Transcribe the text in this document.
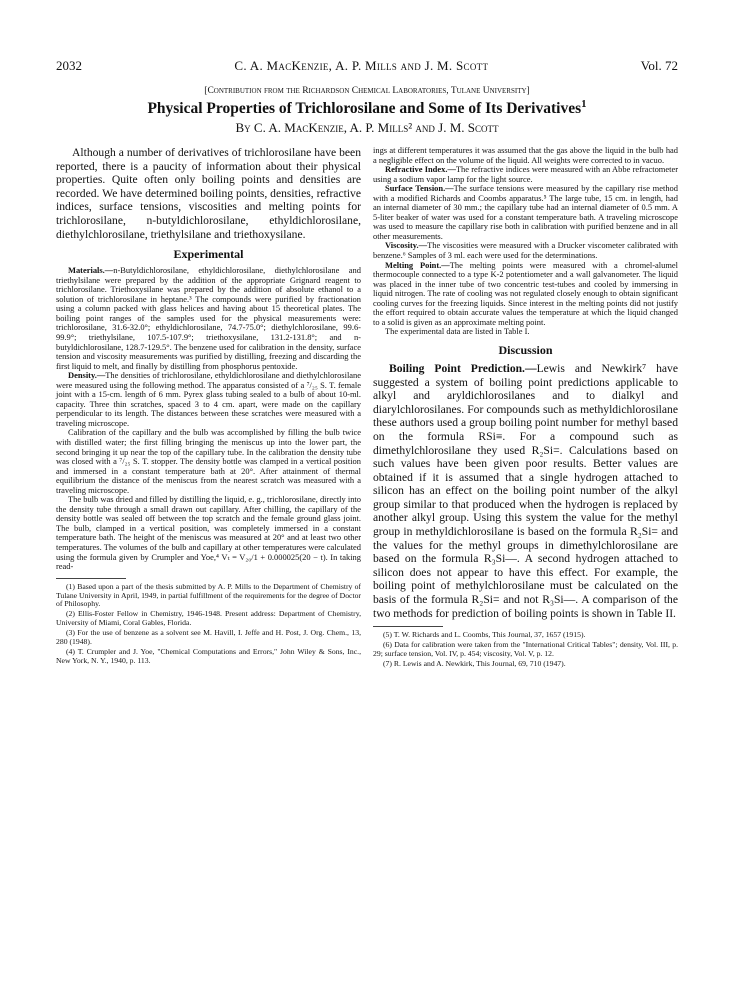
2032	C. A. MacKenzie, A. P. Mills and J. M. Scott	Vol. 72
[Contribution from the Richardson Chemical Laboratories, Tulane University]
Physical Properties of Trichlorosilane and Some of Its Derivatives$^1$
By C. A. MacKenzie, A. P. Mills² and J. M. Scott

Although a number of derivatives of trichlorosilane have been reported, there is a paucity of information about their physical properties. Quite often only boiling points and densities are recorded. We have determined boiling points, densities, refractive indices, surface tensions, viscosities and melting points for trichlorosilane, n-butyldichlorosilane, ethyldichlorosilane, diethylchlorosilane, triethylsilane and triethoxysilane.

Experimental

Materials.—n-Butyldichlorosilane, ethyldichlorosilane, diethylchlorosilane and triethylsilane were prepared by the addition of the appropriate Grignard reagent to trichlorosilane. Triethoxysilane was prepared by the addition of absolute ethanol to a solution of trichlorosilane in heptane.³ The compounds were purified by fractionation using a column packed with glass helices and having about 15 theoretical plates. The boiling point ranges of the samples used for the physical measurements were: trichlorosilane, 31.6-32.0°; ethyldichlorosilane, 74.7-75.0°; diethylchlorosilane, 99.6-99.9°; triethylsilane, 107.5-107.9°; triethoxysilane, 131.2-131.8°; and n-butyldichlorosilane, 128.7-129.5°. The benzene used for calibration in the density, surface tension and viscosity measurements was purified by distilling, freezing and discarding the first liquid to melt, and finally by distilling from phosphorus pentoxide.

Density.—The densities of trichlorosilane, ethyldichlorosilane and diethylchlorosilane were measured using the following method. The apparatus consisted of a ⁷/₂₅ S. T. female joint with a 15-cm. length of 6 mm. Pyrex glass tubing sealed to a bulb of about 10-ml. capacity. Three thin scratches, spaced 3 to 4 cm. apart, were made on the capillary perpendicular to its length. The distances between these scratches were measured with a traveling microscope.

Calibration of the capillary and the bulb was accomplished by filling the bulb twice with distilled water; the first filling bringing the meniscus up into the lower part, the second bringing it up near the top of the capillary tube. In the calibration the density tube was closed with a ⁷/₂₅ S. T. stopper. The density bottle was clamped in a vertical position and immersed in a constant temperature bath at 20°. After attainment of thermal equilibrium the distance of the meniscus from the nearest scratch was measured with a traveling microscope.

The bulb was dried and filled by distilling the liquid, e. g., trichlorosilane, directly into the density tube through a small drawn out capillary. After chilling, the capillary of the density bottle was sealed off between the top scratch and the female ground glass joint. The bulb, clamped in a vertical position, was completely immersed in a constant temperature bath. The height of the meniscus was measured at 20° and at least two other temperatures. The volumes of the bulb and capillary at other temperatures were calculated using the formula given by Crumpler and Yoe,⁴ Vₜ = V₂₀/1 + 0.000025(20 − t). In taking read-

(1) Based upon a part of the thesis submitted by A. P. Mills to the Department of Chemistry of Tulane University in April, 1949, in partial fulfillment of the requirements for the degree of Doctor of Philosophy.

(2) Ellis-Foster Fellow in Chemistry, 1946-1948. Present address: Department of Chemistry, University of Miami, Coral Gables, Florida.

(3) For the use of benzene as a solvent see M. Havill, I. Jeffe and H. Post, J. Org. Chem., 13, 280 (1948).

(4) T. Crumpler and J. Yoe, "Chemical Computations and Errors," John Wiley & Sons, Inc., New York, N. Y., 1940, p. 113.

ings at different temperatures it was assumed that the gas above the liquid in the bulb had a negligible effect on the volume of the liquid. All weights were corrected to in vacuo.

Refractive Index.—The refractive indices were measured with an Abbe refractometer using a sodium vapor lamp for the light source.

Surface Tension.—The surface tensions were measured by the capillary rise method with a modified Richards and Coombs apparatus.⁵ The large tube, 15 cm. in length, had an internal diameter of 30 mm.; the capillary tube had an internal diameter of 0.5 mm. A 5-liter beaker of water was used for a constant temperature bath. A traveling microscope was used to measure the capillary rise both in calibration with purified benzene and in all other measurements.

Viscosity.—The viscosities were measured with a Drucker viscometer calibrated with benzene.⁶ Samples of 3 ml. each were used for the determinations.

Melting Point.—The melting points were measured with a chromel-alumel thermocouple connected to a type K-2 potentiometer and a wall galvanometer. The liquid was placed in the inner tube of two concentric test-tubes and cooled by immersing in liquid nitrogen. The rate of cooling was not regulated closely enough to obtain significant cooling curves for the freezing liquids. Since interest in the melting points did not justify the effort required to obtain accurate values the temperature at which the liquid changed to a solid is given as an approximate melting point.

The experimental data are listed in Table I.

Discussion

Boiling Point Prediction.—Lewis and Newkirk⁷ have suggested a system of boiling point predictions applicable to alkyl and aryldichlorosilanes and to dialkyl and diarylchlorosilanes. For compounds such as methyldichlorosilane these authors used a group boiling point number for methyl based on the formula RSi≡. For a compound such as dimethylchlorosilane they used R₂Si=. Calculations based on such values have been given poor results. Better values are obtained if it is assumed that a single hydrogen attached to silicon has an effect on the boiling point number of the alkyl group similar to that produced when the hydrogen is replaced by another alkyl group. Using this system the value for the methyl group in methyldichlorosilane is based on the formula R₂Si= and the values for the methyl groups in dimethylchlorosilane are based on the formula R₃Si—. A second hydrogen attached to silicon does not appear to have this effect. For example, the boiling point of methylchlorosilane must be calculated on the basis of the formula R₂Si= and not R₃Si—. A comparison of the two methods for prediction of boiling points is shown in Table II.

(5) T. W. Richards and L. Coombs, This Journal, 37, 1657 (1915).

(6) Data for calibration were taken from the "International Critical Tables"; density, Vol. III, p. 29; surface tension, Vol. IV, p. 454; viscosity, Vol. V, p. 12.

(7) R. Lewis and A. Newkirk, This Journal, 69, 710 (1947).
